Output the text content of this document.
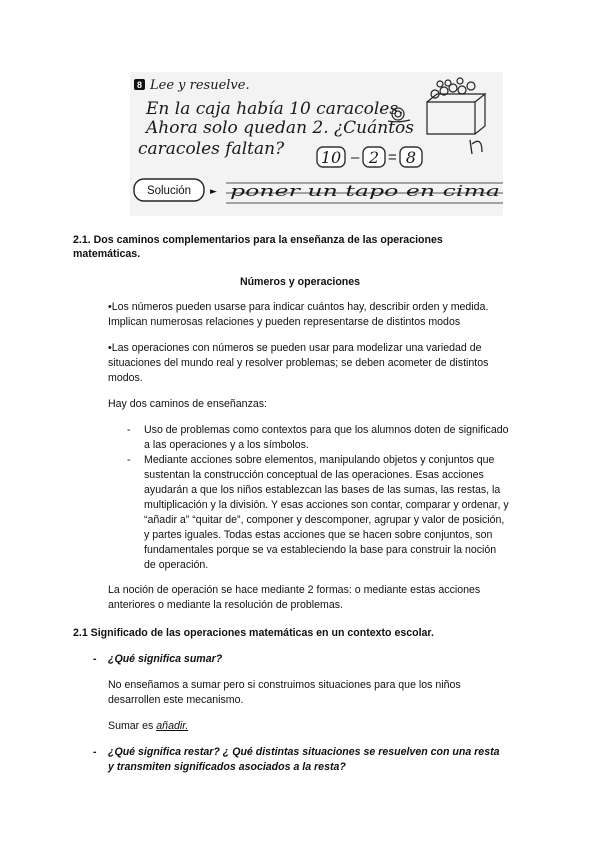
8 Lee y resuelve.
En la caja había 10 caracoles.
Ahora solo quedan 2. ¿Cuántos
caracoles faltan? 10 – 2 = 8
Solución ► poner un tapo en cima

2.1. Dos caminos complementarios para la enseñanza de las operaciones

matemáticas.

Números y operaciones

•Los números pueden usarse para indicar cuántos hay, describir orden y medida.

Implican numerosas relaciones y pueden representarse de distintos modos

•Las operaciones con números se pueden usar para modelizar una variedad de

situaciones del mundo real y resolver problemas; se deben acometer de distintos

modos.

Hay dos caminos de enseñanzas:

- Uso de problemas como contextos para que los alumnos doten de significado

a las operaciones y a los símbolos.

- Mediante acciones sobre elementos, manipulando objetos y conjuntos que

sustentan la construcción conceptual de las operaciones. Esas acciones

ayudarán a que los niños establezcan las bases de las sumas, las restas, la

multiplicación y la división. Y esas acciones son contar, comparar y ordenar, y

“añadir a” “quitar de”, componer y descomponer, agrupar y valor de posición,

y partes iguales. Todas estas acciones que se hacen sobre conjuntos, son

fundamentales porque se va estableciendo la base para construir la noción

de operación.

La noción de operación se hace mediante 2 formas: o mediante estas acciones

anteriores o mediante la resolución de problemas.

2.1 Significado de las operaciones matemáticas en un contexto escolar.

- ¿Qué significa sumar?

No enseñamos a sumar pero si construimos situaciones para que los niños

desarrollen este mecanismo.

Sumar es añadir.

- ¿Qué significa restar? ¿ Qué distintas situaciones se resuelven con una resta

y transmiten significados asociados a la resta?
